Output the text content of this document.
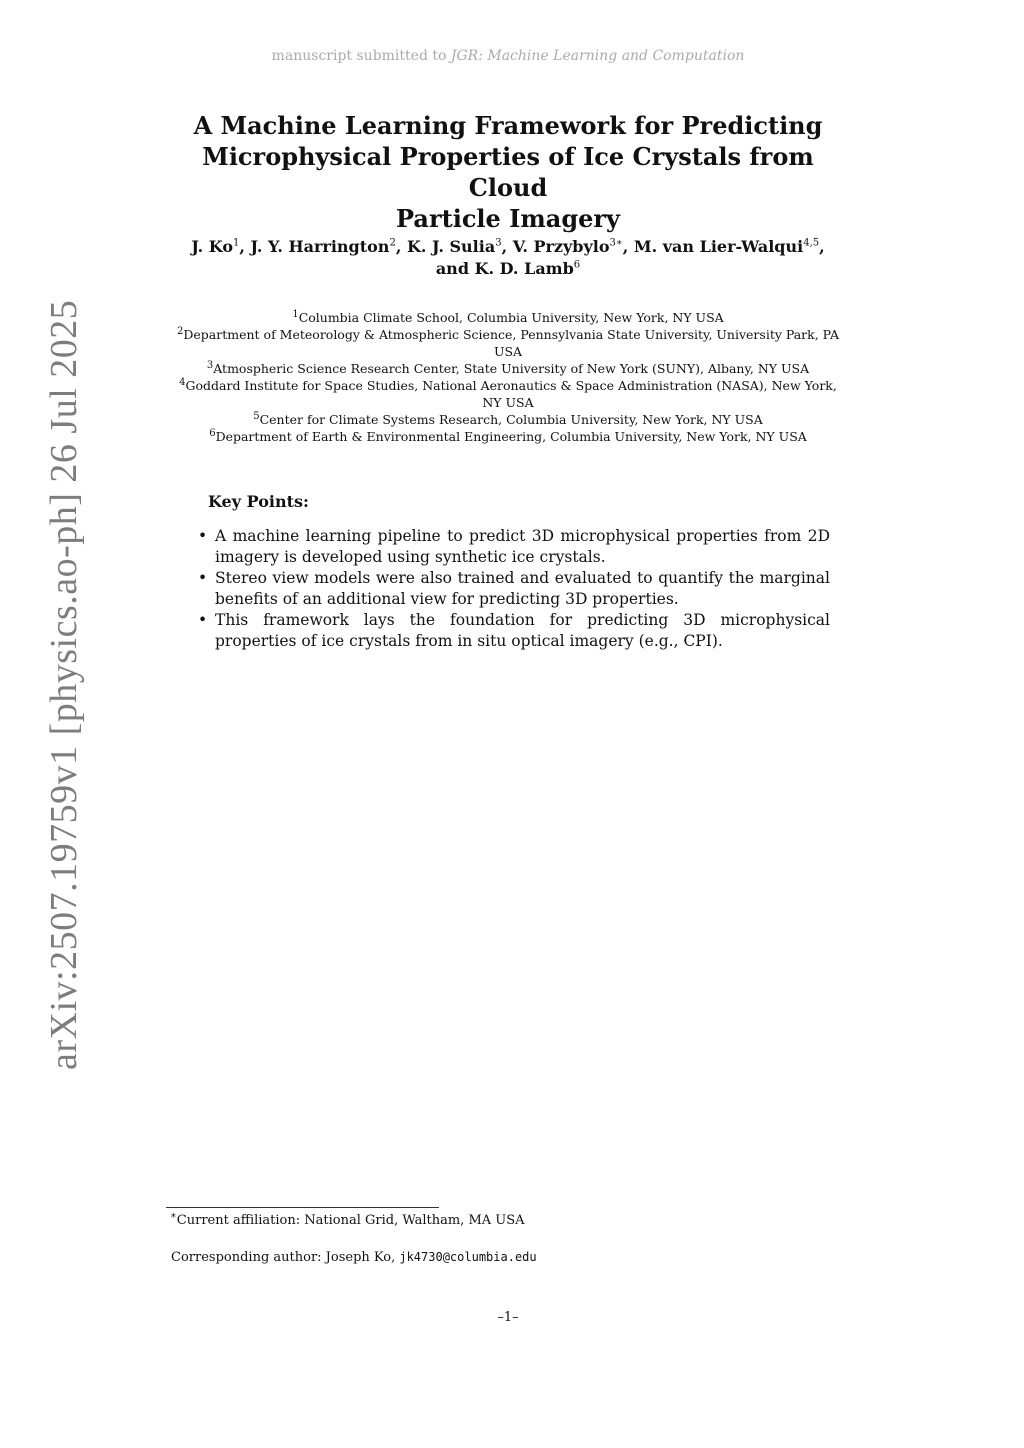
manuscript submitted to JGR: Machine Learning and Computation
arXiv:2507.19759v1 [physics.ao-ph] 26 Jul 2025
A Machine Learning Framework for Predicting
Microphysical Properties of Ice Crystals from Cloud
Particle Imagery
J. Ko$^1$, J. Y. Harrington$^2$, K. J. Sulia$^3$, V. Przybylo$^{3∗}$, M. van Lier-Walqui$^{4,5}$,
and K. D. Lamb$^6$
$^1$Columbia Climate School, Columbia University, New York, NY USA
$^2$Department of Meteorology & Atmospheric Science, Pennsylvania State University, University Park, PA
USA
$^3$Atmospheric Science Research Center, State University of New York (SUNY), Albany, NY USA
$^4$Goddard Institute for Space Studies, National Aeronautics & Space Administration (NASA), New York,
NY USA
$^5$Center for Climate Systems Research, Columbia University, New York, NY USA
$^6$Department of Earth & Environmental Engineering, Columbia University, New York, NY USA
Key Points:
• A machine learning pipeline to predict 3D microphysical properties from 2D imagery is developed using synthetic ice crystals.
• Stereo view models were also trained and evaluated to quantify the marginal benefits of an additional view for predicting 3D properties.
• This framework lays the foundation for predicting 3D microphysical properties of ice crystals from in situ optical imagery (e.g., CPI).
∗Current affiliation: National Grid, Waltham, MA USA
Corresponding author: Joseph Ko, jk4730@columbia.edu
–1–
